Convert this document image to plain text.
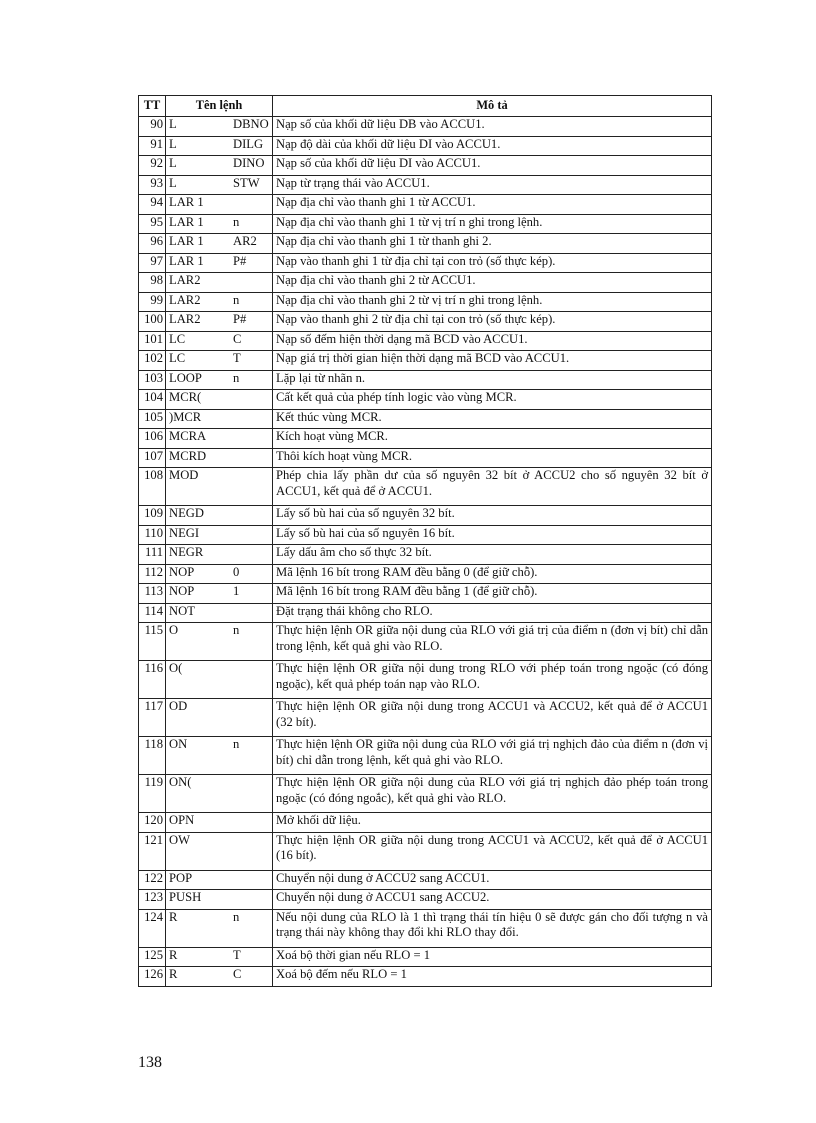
TT	Tên lệnh	Mô tả
90	L DBNO	Nạp số của khối dữ liệu DB vào ACCU1.
91	L DILG	Nạp độ dài của khối dữ liệu DI vào ACCU1.
92	L DINO	Nạp số của khối dữ liệu DI vào ACCU1.
93	L STW	Nạp từ trạng thái vào ACCU1.
94	LAR 1	Nạp địa chỉ vào thanh ghi 1 từ ACCU1.
95	LAR 1 n	Nạp địa chỉ vào thanh ghi 1 từ vị trí n ghi trong lệnh.
96	LAR 1 AR2	Nạp địa chỉ vào thanh ghi 1 từ thanh ghi 2.
97	LAR 1 P#	Nạp vào thanh ghi 1 từ địa chỉ tại con trỏ (số thực kép).
98	LAR2	Nạp địa chỉ vào thanh ghi 2 từ ACCU1.
99	LAR2 n	Nạp địa chỉ vào thanh ghi 2 từ vị trí n ghi trong lệnh.
100	LAR2 P#	Nạp vào thanh ghi 2 từ địa chỉ tại con trỏ (số thực kép).
101	LC C	Nạp số đếm hiện thời dạng mã BCD vào ACCU1.
102	LC T	Nạp giá trị thời gian hiện thời dạng mã BCD vào ACCU1.
103	LOOP n	Lặp lại từ nhãn n.
104	MCR(	Cất kết quả của phép tính logic vào vùng MCR.
105	)MCR	Kết thúc vùng MCR.
106	MCRA	Kích hoạt vùng MCR.
107	MCRD	Thôi kích hoạt vùng MCR.
108	MOD	Phép chia lấy phần dư của số nguyên 32 bít ở ACCU2 cho số nguyên 32 bít ở ACCU1, kết quả để ở ACCU1.
109	NEGD	Lấy số bù hai của số nguyên 32 bít.
110	NEGI	Lấy số bù hai của số nguyên 16 bít.
111	NEGR	Lấy dấu âm cho số thực 32 bít.
112	NOP 0	Mã lệnh 16 bít trong RAM đều bằng 0 (để giữ chỗ).
113	NOP 1	Mã lệnh 16 bít trong RAM đều bằng 1 (để giữ chỗ).
114	NOT	Đặt trạng thái không cho RLO.
115	O n	Thực hiện lệnh OR giữa nội dung của RLO với giá trị của điểm n (đơn vị bít) chỉ dẫn trong lệnh, kết quả ghi vào RLO.
116	O(	Thực hiện lệnh OR giữa nội dung trong RLO với phép toán trong ngoặc (có đóng ngoặc), kết quả phép toán nạp vào RLO.
117	OD	Thực hiện lệnh OR giữa nội dung trong ACCU1 và ACCU2, kết quả để ở ACCU1 (32 bít).
118	ON n	Thực hiện lệnh OR giữa nội dung của RLO với giá trị nghịch đảo của điểm n (đơn vị bít) chỉ dẫn trong lệnh, kết quả ghi vào RLO.
119	ON(	Thực hiện lệnh OR giữa nội dung của RLO với giá trị nghịch đảo phép toán trong ngoặc (có đóng ngoắc), kết quả ghi vào RLO.
120	OPN	Mở khối dữ liệu.
121	OW	Thực hiện lệnh OR giữa nội dung trong ACCU1 và ACCU2, kết quả để ở ACCU1 (16 bít).
122	POP	Chuyển nội dung ở ACCU2 sang ACCU1.
123	PUSH	Chuyển nội dung ở ACCU1 sang ACCU2.
124	R n	Nếu nội dung của RLO là 1 thì trạng thái tín hiệu 0 sẽ được gán cho đối tượng n và trạng thái này không thay đổi khi RLO thay đổi.
125	R T	Xoá bộ thời gian nếu RLO = 1
126	R C	Xoá bộ đếm nếu RLO = 1
138
